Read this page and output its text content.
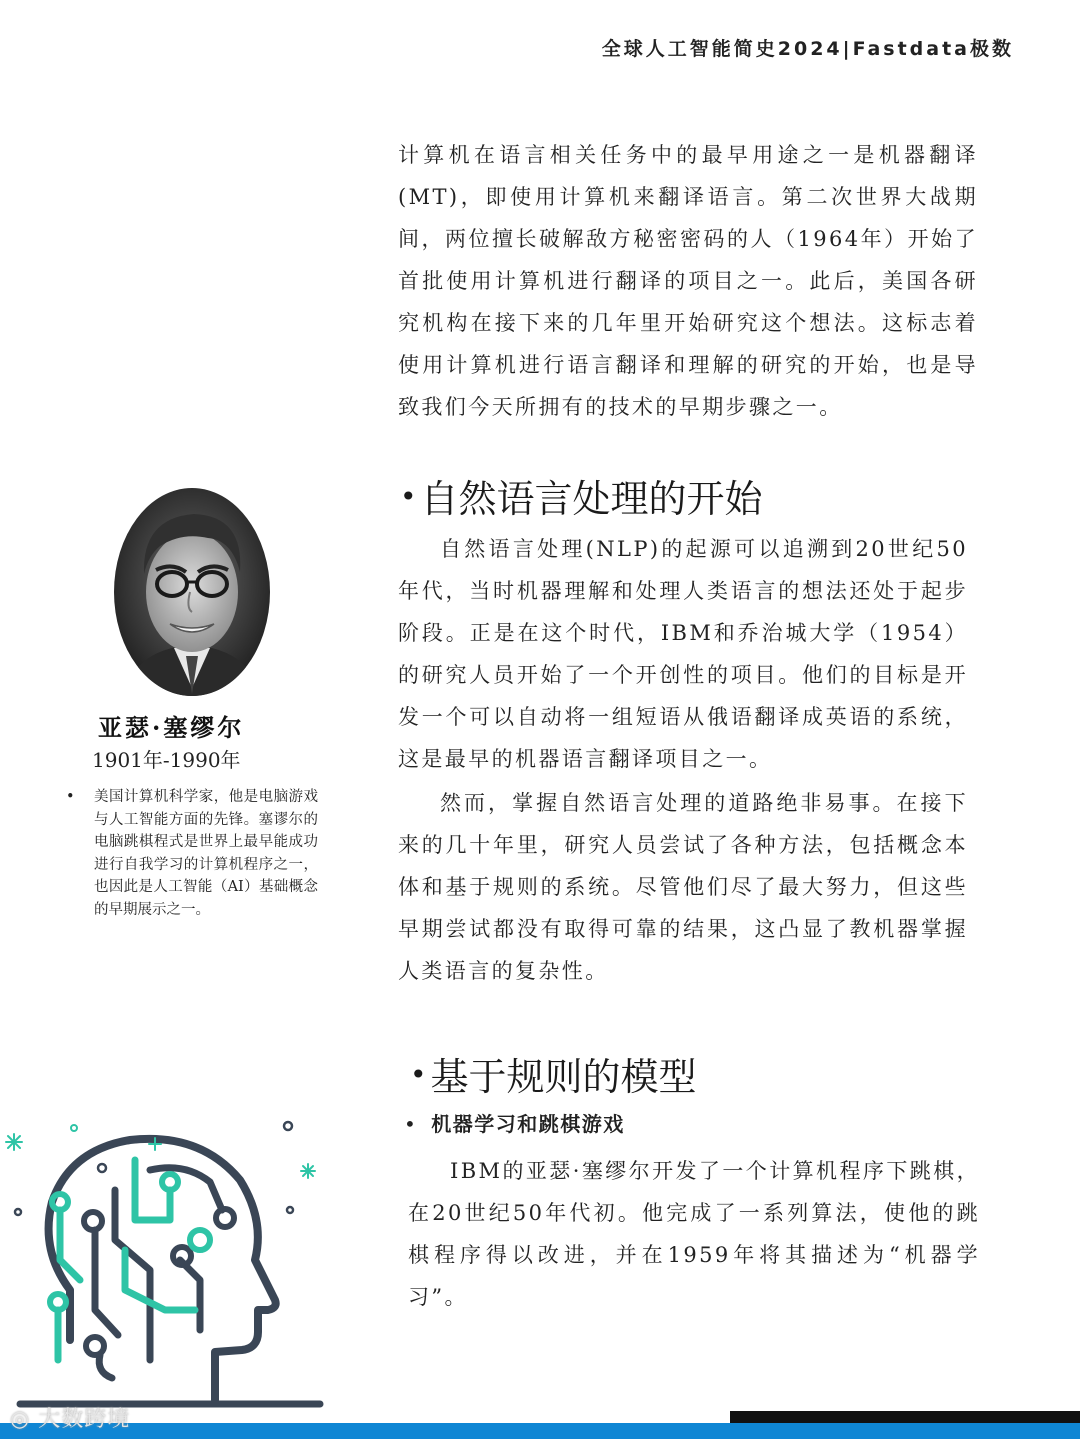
全球人工智能简史2024|Fastdata极数

计算机在语言相关任务中的最早用途之一是机器翻译(MT)，即使用计算机来翻译语言。第二次世界大战期间，两位擅长破解敌方秘密密码的人（1964年）开始了首批使用计算机进行翻译的项目之一。此后，美国各研究机构在接下来的几年里开始研究这个想法。这标志着使用计算机进行语言翻译和理解的研究的开始，也是导致我们今天所拥有的技术的早期步骤之一。

• 自然语言处理的开始

自然语言处理(NLP)的起源可以追溯到20世纪50年代，当时机器理解和处理人类语言的想法还处于起步阶段。正是在这个时代，IBM和乔治城大学（1954）的研究人员开始了一个开创性的项目。他们的目标是开发一个可以自动将一组短语从俄语翻译成英语的系统，这是最早的机器语言翻译项目之一。

然而，掌握自然语言处理的道路绝非易事。在接下来的几十年里，研究人员尝试了各种方法，包括概念本体和基于规则的系统。尽管他们尽了最大努力，但这些早期尝试都没有取得可靠的结果，这凸显了教机器掌握人类语言的复杂性。

• 基于规则的模型
• 机器学习和跳棋游戏

IBM的亚瑟·塞缪尔开发了一个计算机程序下跳棋，在20世纪50年代初。他完成了一系列算法，使他的跳棋程序得以改进，并在1959年将其描述为“机器学习”。

亚瑟·塞缪尔
1901年-1990年
• 美国计算机科学家，他是电脑游戏与人工智能方面的先锋。塞谬尔的电脑跳棋程式是世界上最早能成功进行自我学习的计算机程序之一，也因此是人工智能（AI）基础概念的早期展示之一。

◎ 大数跨境
